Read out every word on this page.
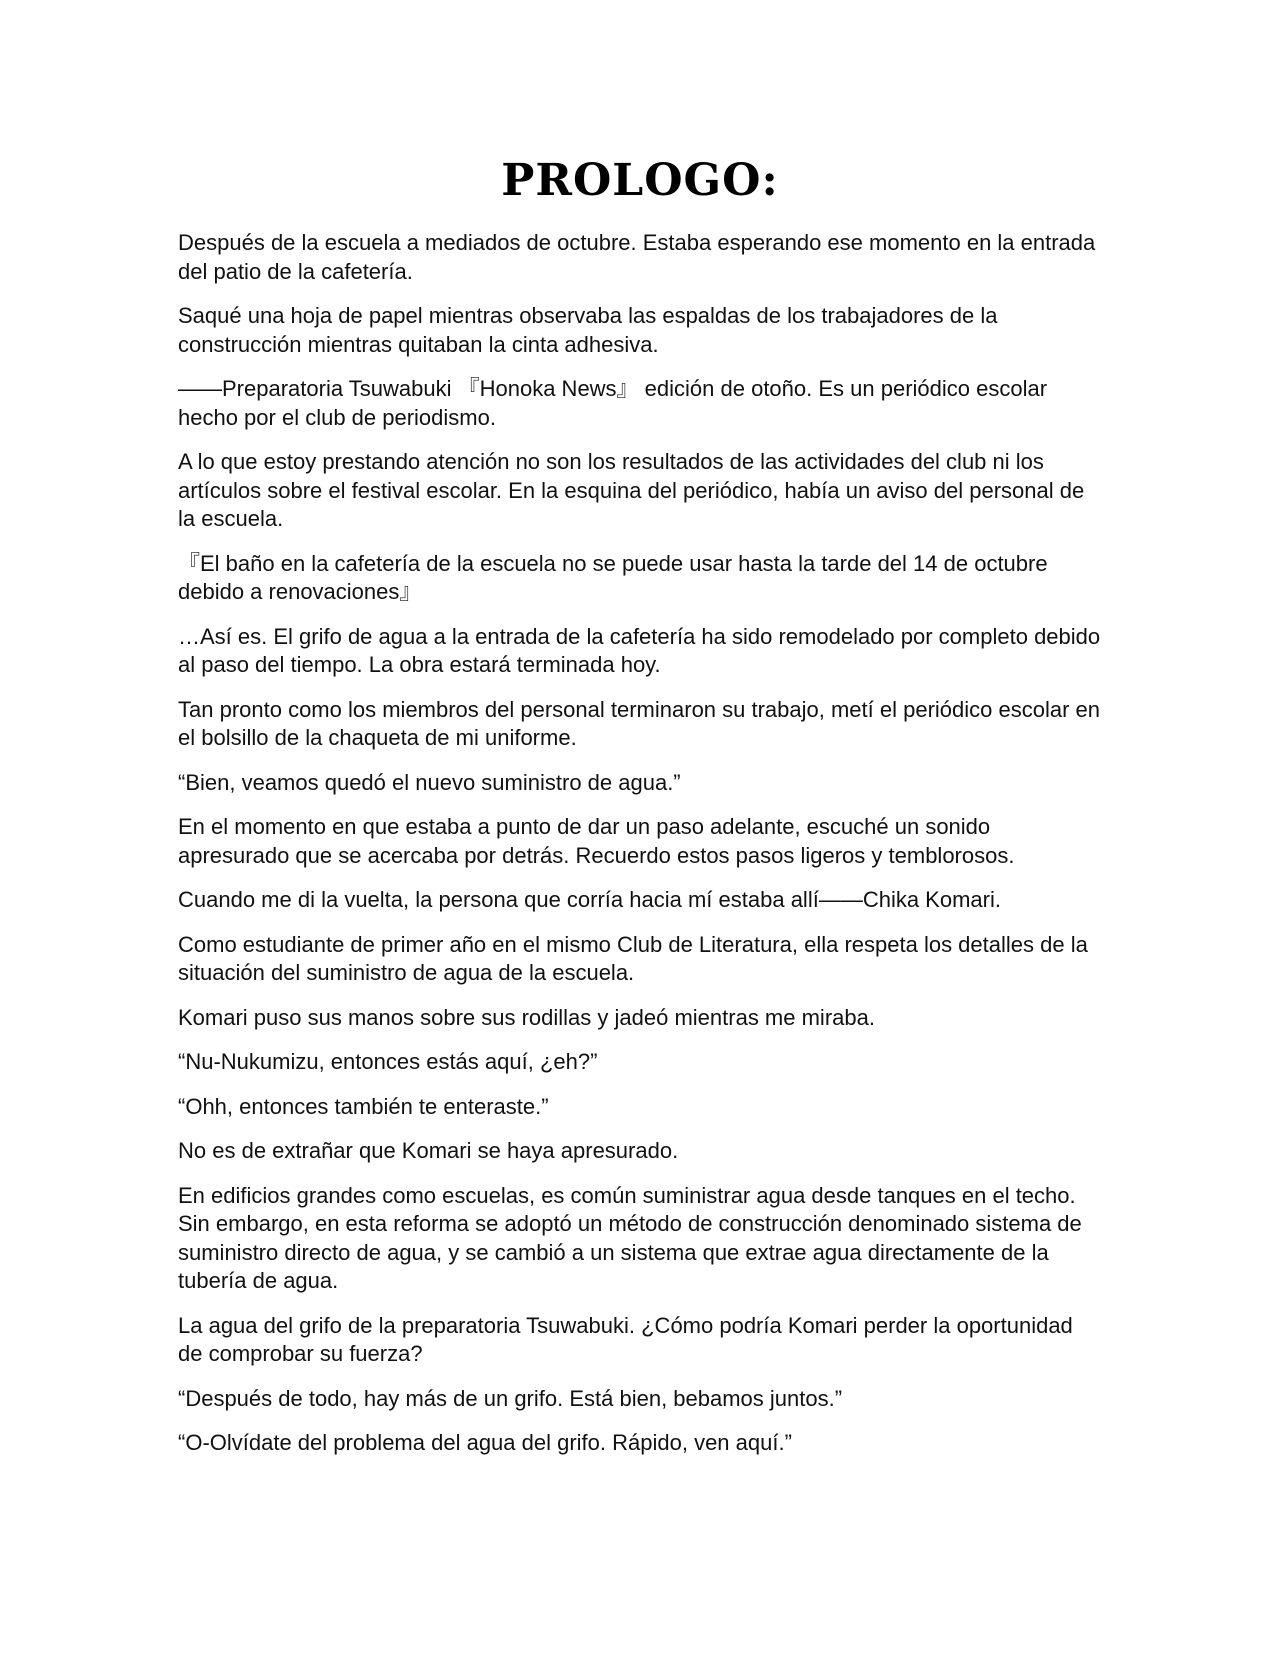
PROLOGO:

Después de la escuela a mediados de octubre. Estaba esperando ese momento en la entrada del patio de la cafetería.

Saqué una hoja de papel mientras observaba las espaldas de los trabajadores de la construcción mientras quitaban la cinta adhesiva.

——Preparatoria Tsuwabuki 『Honoka News』 edición de otoño. Es un periódico escolar hecho por el club de periodismo.

A lo que estoy prestando atención no son los resultados de las actividades del club ni los artículos sobre el festival escolar. En la esquina del periódico, había un aviso del personal de la escuela.

『El baño en la cafetería de la escuela no se puede usar hasta la tarde del 14 de octubre debido a renovaciones』

…Así es. El grifo de agua a la entrada de la cafetería ha sido remodelado por completo debido al paso del tiempo. La obra estará terminada hoy.

Tan pronto como los miembros del personal terminaron su trabajo, metí el periódico escolar en el bolsillo de la chaqueta de mi uniforme.

“Bien, veamos quedó el nuevo suministro de agua.”

En el momento en que estaba a punto de dar un paso adelante, escuché un sonido apresurado que se acercaba por detrás. Recuerdo estos pasos ligeros y temblorosos.

Cuando me di la vuelta, la persona que corría hacia mí estaba allí——Chika Komari.

Como estudiante de primer año en el mismo Club de Literatura, ella respeta los detalles de la situación del suministro de agua de la escuela.

Komari puso sus manos sobre sus rodillas y jadeó mientras me miraba.

“Nu-Nukumizu, entonces estás aquí, ¿eh?”

“Ohh, entonces también te enteraste.”

No es de extrañar que Komari se haya apresurado.

En edificios grandes como escuelas, es común suministrar agua desde tanques en el techo. Sin embargo, en esta reforma se adoptó un método de construcción denominado sistema de suministro directo de agua, y se cambió a un sistema que extrae agua directamente de la tubería de agua.

La agua del grifo de la preparatoria Tsuwabuki. ¿Cómo podría Komari perder la oportunidad de comprobar su fuerza?

“Después de todo, hay más de un grifo. Está bien, bebamos juntos.”

“O-Olvídate del problema del agua del grifo. Rápido, ven aquí.”
